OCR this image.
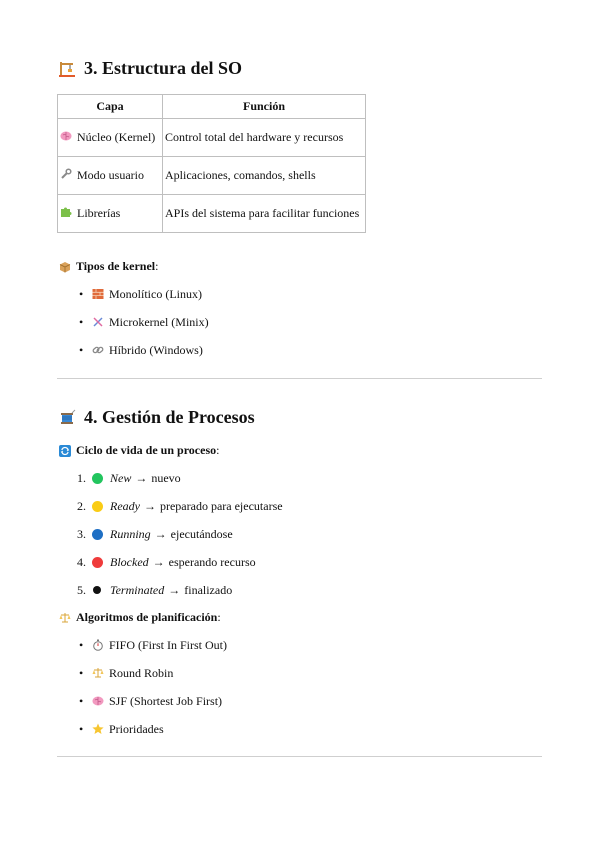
3. Estructura del SO
Capa	Función
Núcleo (Kernel)	Control total del hardware y recursos
Modo usuario	Aplicaciones, comandos, shells
Librerías	APIs del sistema para facilitar funciones
Tipos de kernel :
•	Monolítico (Linux)
•	Microkernel (Minix)
•	Híbrido (Windows)
4. Gestión de Procesos
Ciclo de vida de un proceso :
1.	New → nuevo
2.	Ready → preparado para ejecutarse
3.	Running → ejecutándose
4.	Blocked → esperando recurso
5.	Terminated → finalizado
Algoritmos de planificación :
•	FIFO (First In First Out)
•	Round Robin
•	SJF (Shortest Job First)
•	Prioridades
